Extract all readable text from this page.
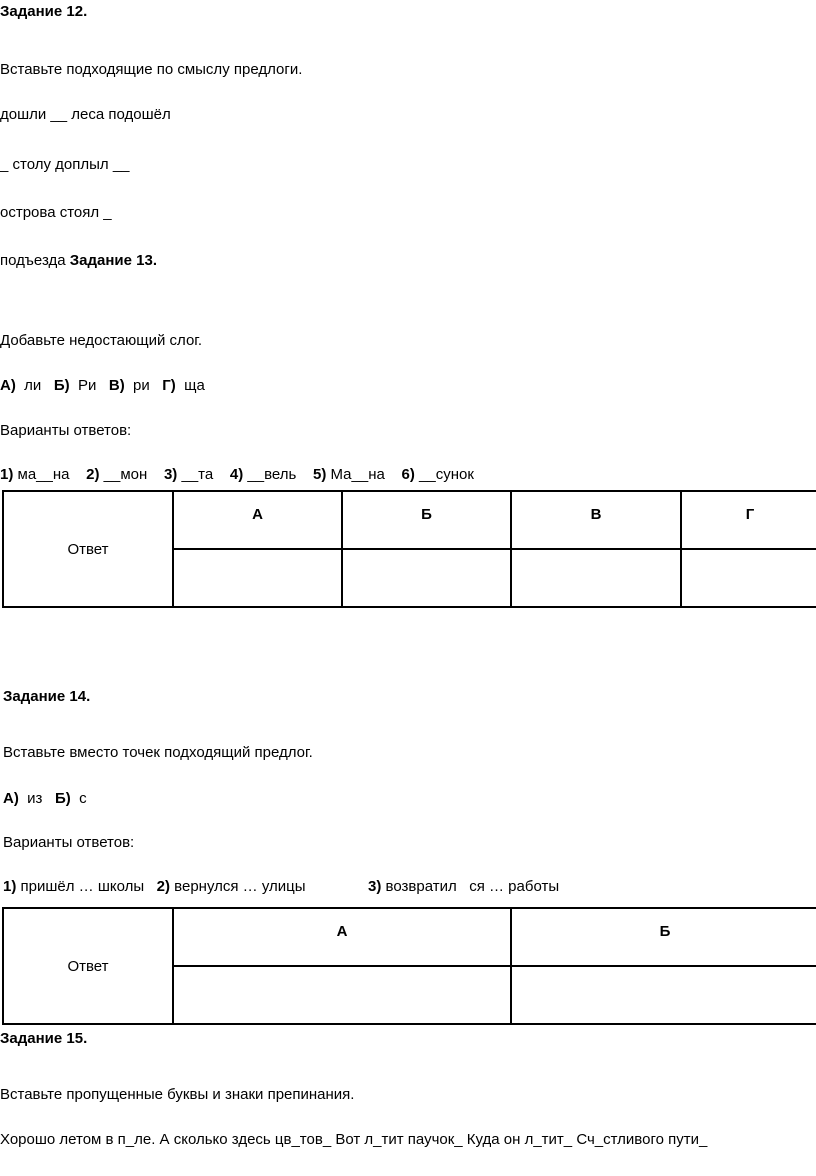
Задание 12.
Вставьте подходящие по смыслу предлоги.
дошли __ леса подошёл
_ столу доплыл __
острова стоял _
подъезда Задание 13.
Добавьте недостающий слог.
А) ли Б) Ри В) ри Г) ща
Варианты ответов:
1) ма__на 2) __мон 3) __та 4) __вель 5) Ма__на 6) __сунок
Ответ	А	Б	В	Г

Задание 14.
Вставьте вместо точек подходящий предлог.
А) из Б) с
Варианты ответов:
1) пришёл … школы 2) вернулся … улицы	3) возвратил   ся … работы
Ответ	А	Б

Задание 15.
Вставьте пропущенные буквы и знаки препинания.
Хорошо летом в п_ле. А сколько здесь цв_тов_ Вот л_тит паучок_ Куда он л_тит_ Сч_стливого пути_
